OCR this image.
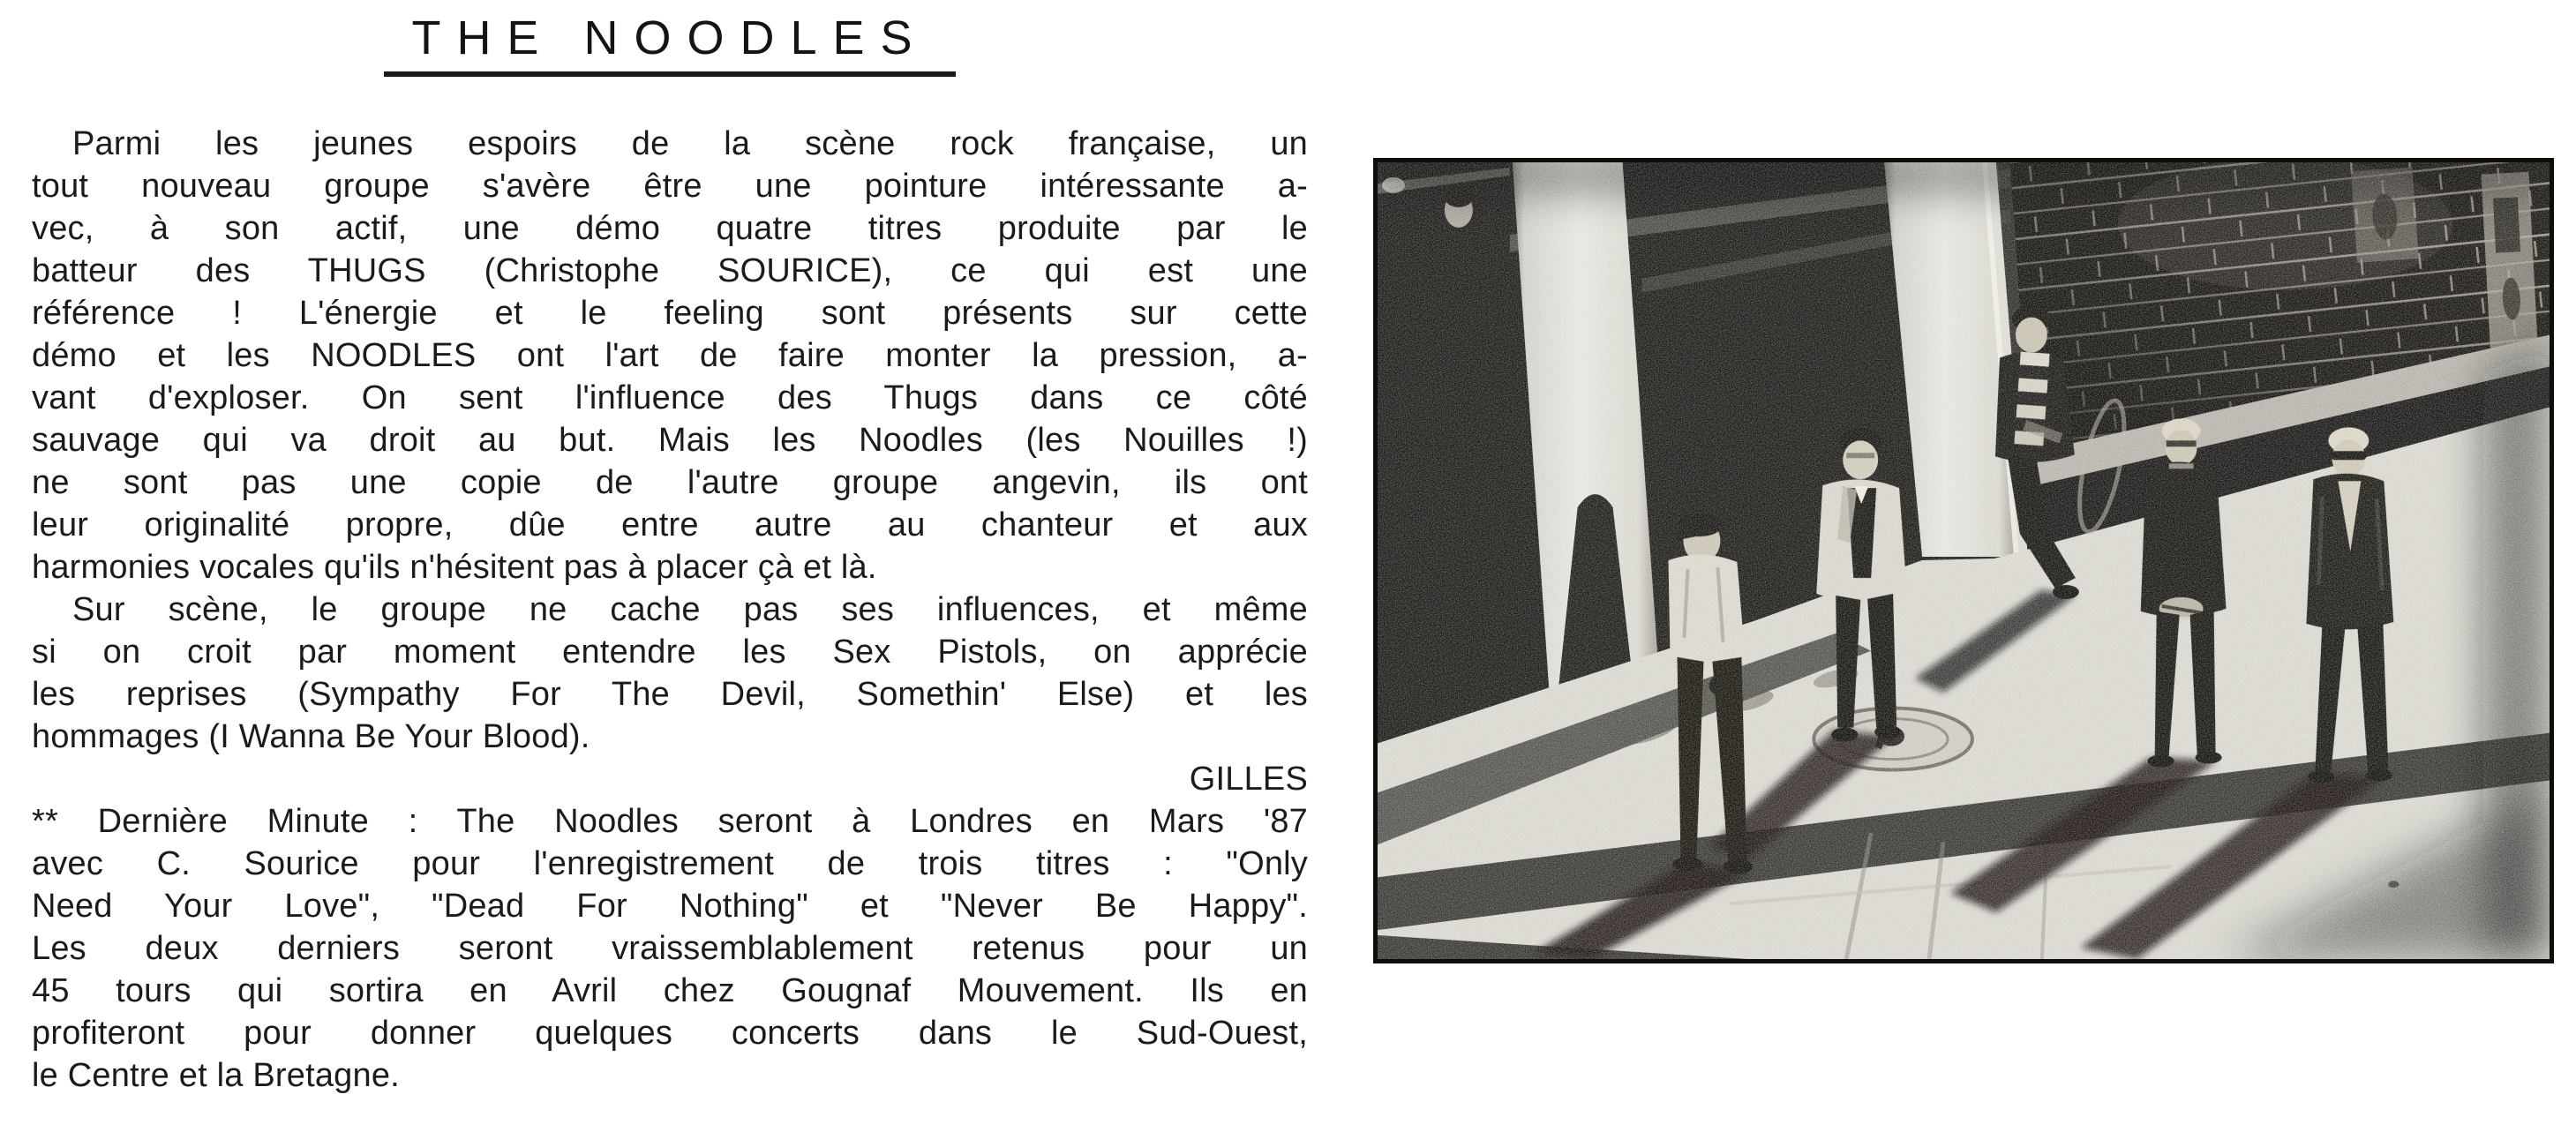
THE NOODLES
Parmi les jeunes espoirs de la scène rock française, un
tout nouveau groupe s'avère être une pointure intéressante a-
vec, à son actif, une démo quatre titres produite par le
batteur des THUGS (Christophe SOURICE), ce qui est une
référence ! L'énergie et le feeling sont présents sur cette
démo et les NOODLES ont l'art de faire monter la pression, a-
vant d'exploser. On sent l'influence des Thugs dans ce côté
sauvage qui va droit au but. Mais les Noodles (les Nouilles !)
ne sont pas une copie de l'autre groupe angevin, ils ont
leur originalité propre, dûe entre autre au chanteur et aux
harmonies vocales qu'ils n'hésitent pas à placer çà et là.
Sur scène, le groupe ne cache pas ses influences, et même
si on croit par moment entendre les Sex Pistols, on apprécie
les reprises (Sympathy For The Devil, Somethin' Else) et les
hommages (I Wanna Be Your Blood).
GILLES
** Dernière Minute : The Noodles seront à Londres en Mars '87
avec C. Sourice pour l'enregistrement de trois titres : "Only
Need Your Love", "Dead For Nothing" et "Never Be Happy".
Les deux derniers seront vraissemblablement retenus pour un
45 tours qui sortira en Avril chez Gougnaf Mouvement. Ils en
profiteront pour donner quelques concerts dans le Sud-Ouest,
le Centre et la Bretagne.
